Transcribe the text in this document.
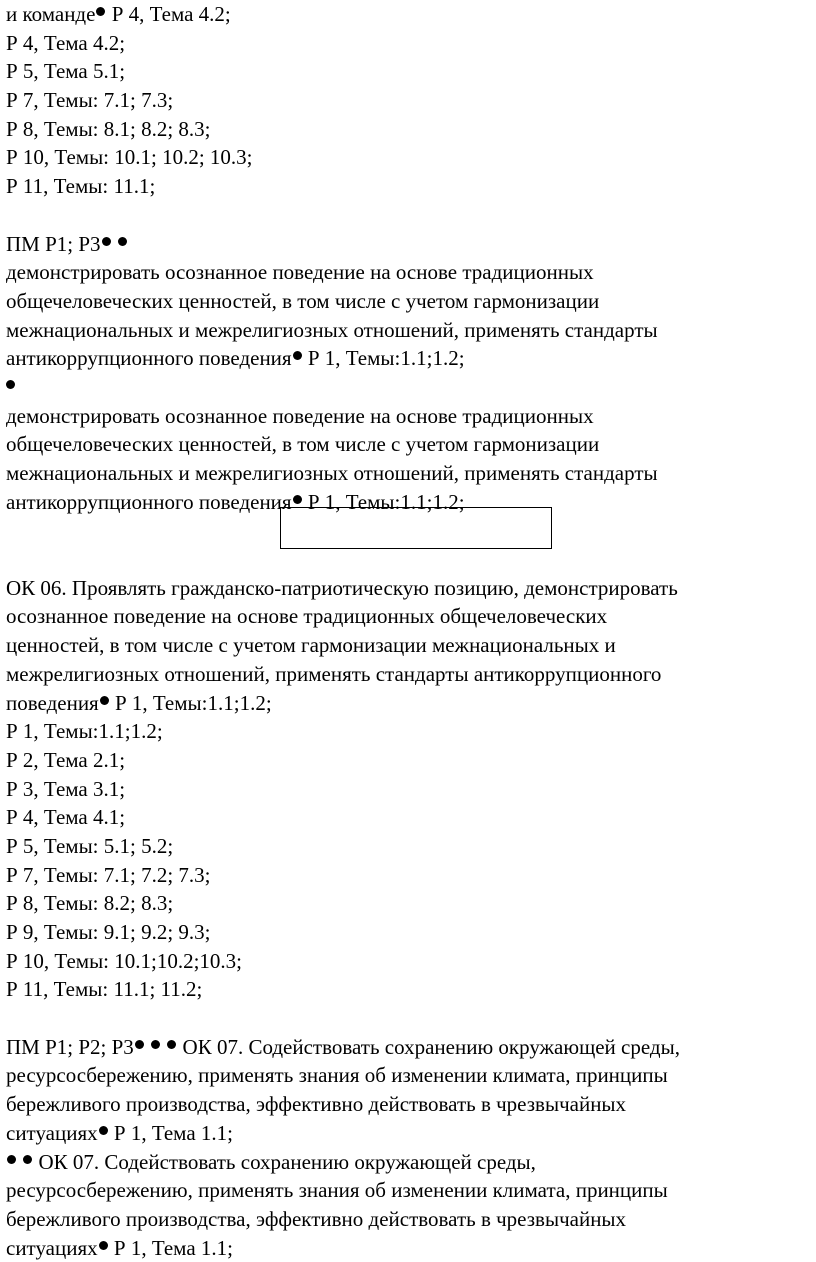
и команде Р 4, Тема 4.2;
Р 4, Тема 4.2;
Р 5, Тема 5.1;
Р 7, Темы: 7.1; 7.3;
Р 8, Темы: 8.1; 8.2; 8.3;
Р 10, Темы: 10.1; 10.2; 10.3;
Р 11, Темы: 11.1;
ПМ Р1; Р3
демонстрировать осознанное поведение на основе традиционных
общечеловеческих ценностей, в том числе с учетом гармонизации
межнациональных и межрелигиозных отношений, применять стандарты
антикоррупционного поведения Р 1, Темы:1.1;1.2;
демонстрировать осознанное поведение на основе традиционных
общечеловеческих ценностей, в том числе с учетом гармонизации
межнациональных и межрелигиозных отношений, применять стандарты
антикоррупционного поведения Р 1, Темы:1.1;1.2;
ОК 06. Проявлять гражданско-патриотическую позицию, демонстрировать
осознанное поведение на основе традиционных общечеловеческих
ценностей, в том числе с учетом гармонизации межнациональных и
межрелигиозных отношений, применять стандарты антикоррупционного
поведения Р 1, Темы:1.1;1.2;
Р 1, Темы:1.1;1.2;
Р 2, Тема 2.1;
Р 3, Тема 3.1;
Р 4, Тема 4.1;
Р 5, Темы: 5.1; 5.2;
Р 7, Темы: 7.1; 7.2; 7.3;
Р 8, Темы: 8.2; 8.3;
Р 9, Темы: 9.1; 9.2; 9.3;
Р 10, Темы: 10.1;10.2;10.3;
Р 11, Темы: 11.1; 11.2;
ПМ Р1; Р2; Р3   ОК 07. Содействовать сохранению окружающей среды,
ресурсосбережению, применять знания об изменении климата, принципы
бережливого производства, эффективно действовать в чрезвычайных
ситуациях Р 1, Тема 1.1;
ОК 07. Содействовать сохранению окружающей среды,
ресурсосбережению, применять знания об изменении климата, принципы
бережливого производства, эффективно действовать в чрезвычайных
ситуациях Р 1, Тема 1.1;
